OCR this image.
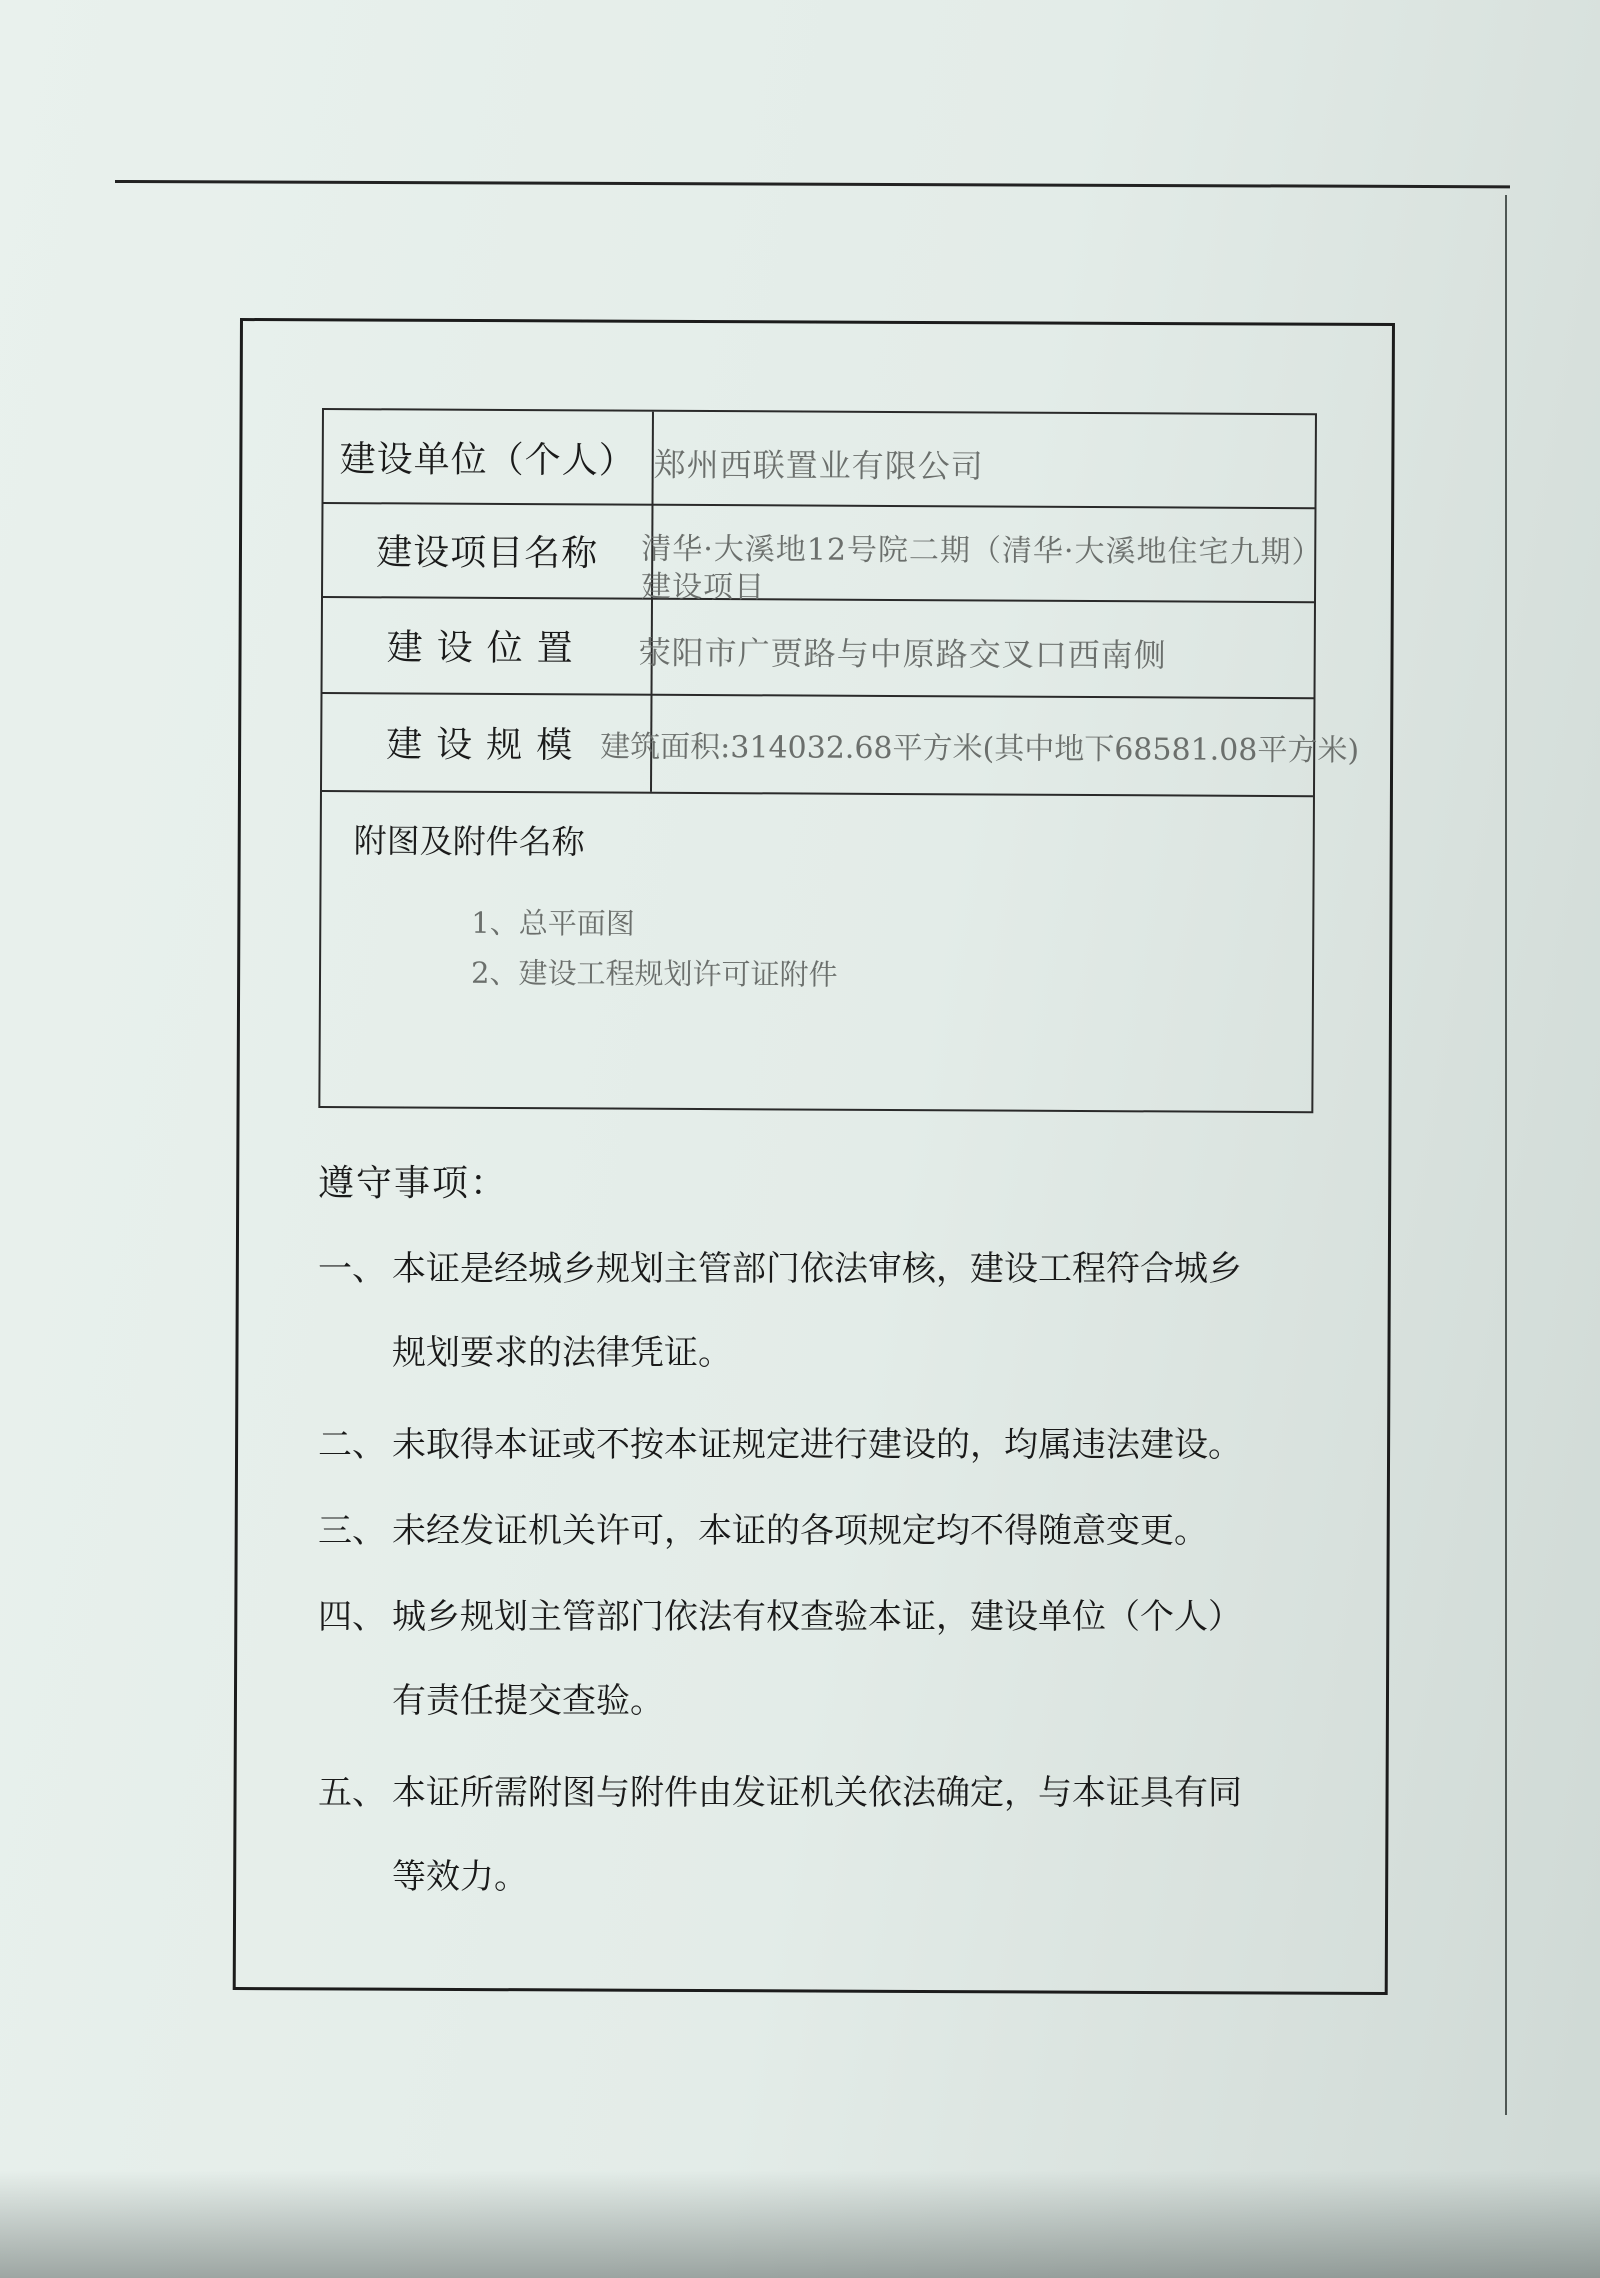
建设单位（个人） 郑州西联置业有限公司
建设项目名称	清华·大溪地12号院二期（清华·大溪地住宅九期）
建设项目
建设位置	荥阳市广贾路与中原路交叉口西南侧
建设规模 建筑面积:314032.68平方米(其中地下68581.08平方米)
附图及附件名称
1、总平面图
2、建设工程规划许可证附件
遵守事项：
一、 本证是经城乡规划主管部门依法审核，建设工程符合城乡
规划要求的法律凭证。
二、 未取得本证或不按本证规定进行建设的，均属违法建设。
三、 未经发证机关许可，本证的各项规定均不得随意变更。
四、 城乡规划主管部门依法有权查验本证，建设单位（个人）
有责任提交查验。
五、 本证所需附图与附件由发证机关依法确定，与本证具有同
等效力。
